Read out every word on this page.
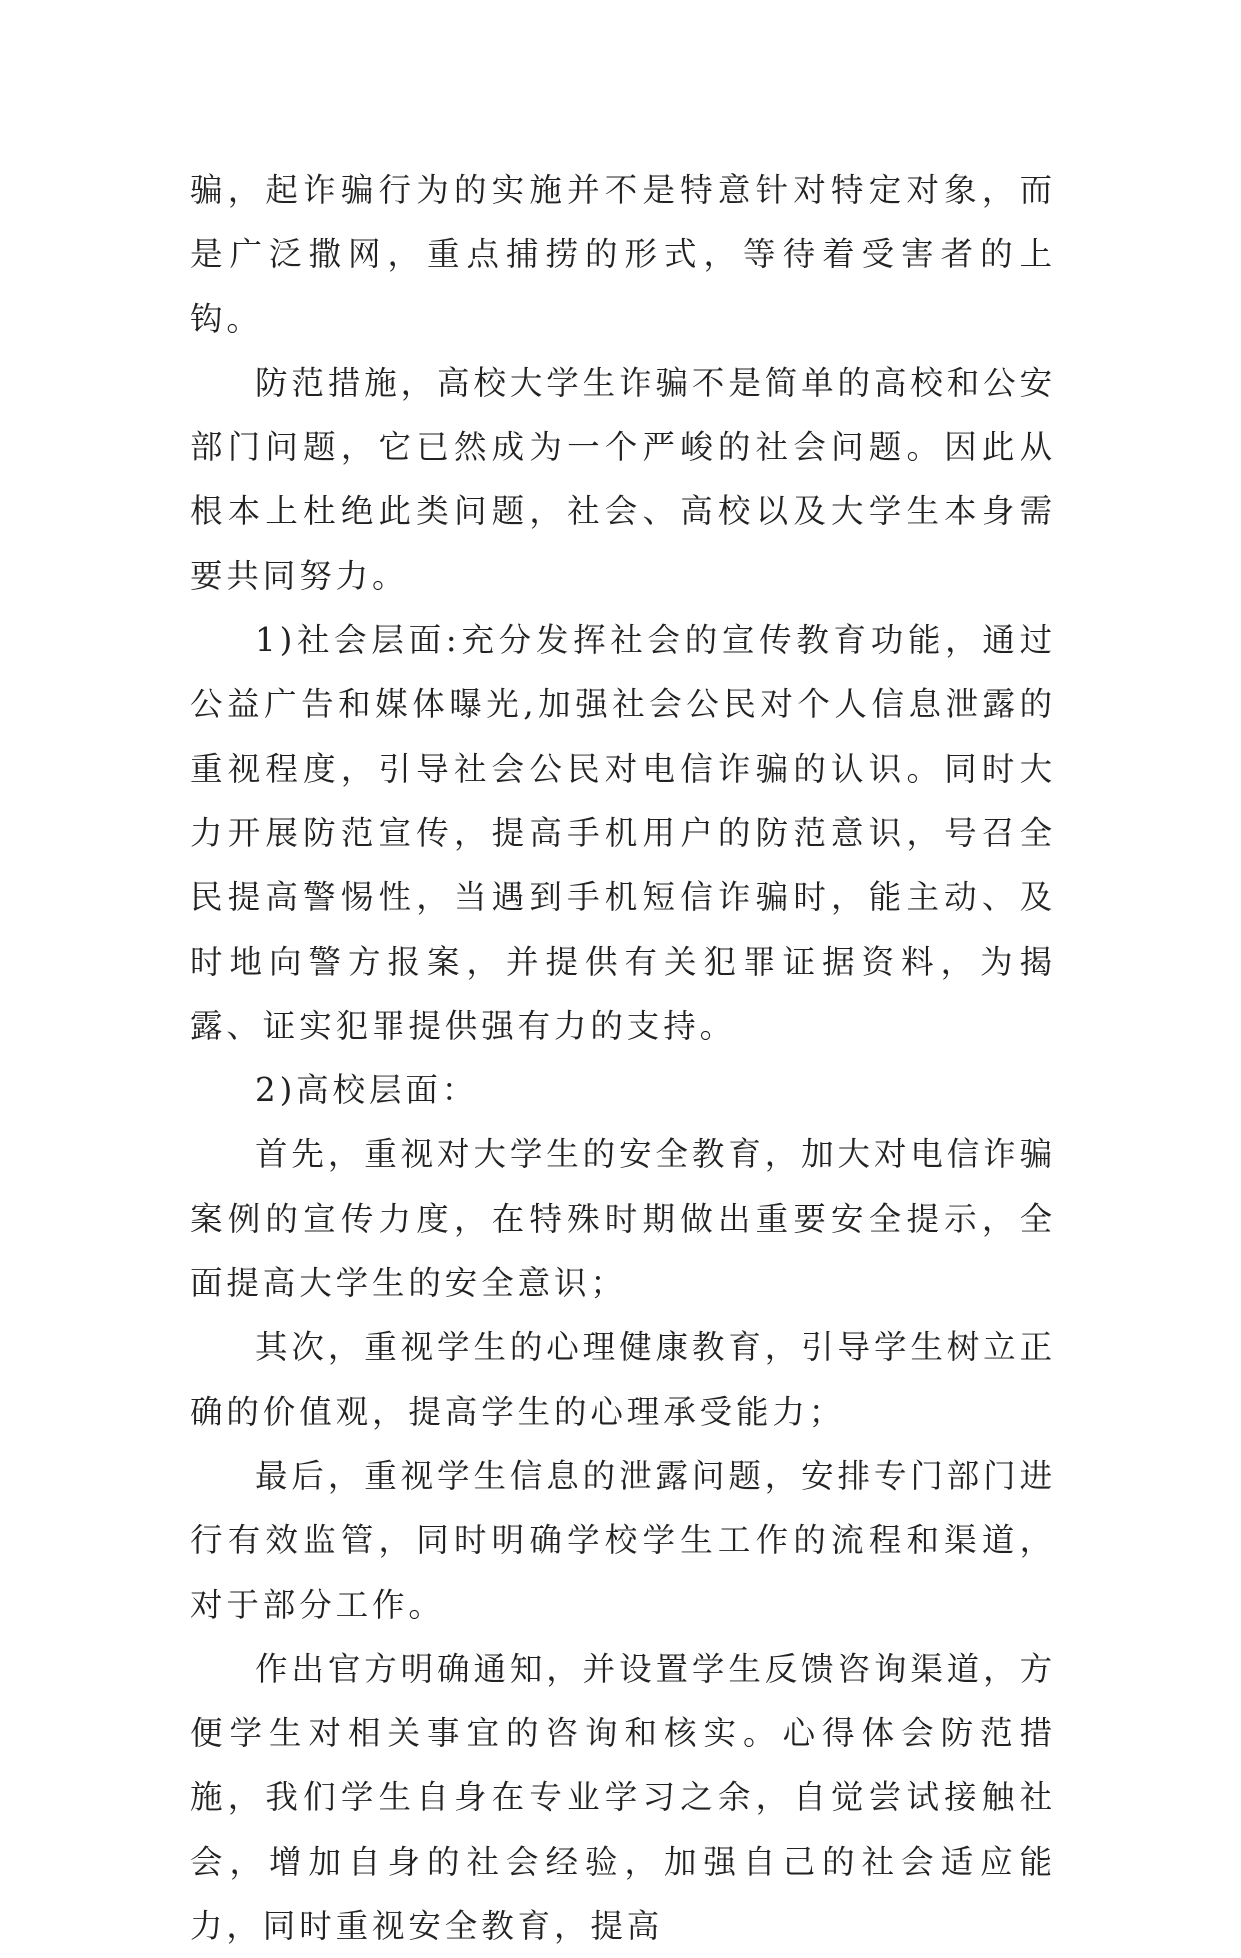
骗，起诈骗行为的实施并不是特意针对特定对象，而是广泛撒网，重点捕捞的形式，等待着受害者的上钩。

防范措施，高校大学生诈骗不是简单的高校和公安部门问题，它已然成为一个严峻的社会问题。因此从根本上杜绝此类问题，社会、高校以及大学生本身需要共同努力。

1)社会层面:充分发挥社会的宣传教育功能，通过公益广告和媒体曝光,加强社会公民对个人信息泄露的重视程度，引导社会公民对电信诈骗的认识。同时大力开展防范宣传，提高手机用户的防范意识，号召全民提高警惕性，当遇到手机短信诈骗时，能主动、及时地向警方报案，并提供有关犯罪证据资料，为揭露、证实犯罪提供强有力的支持。

2)高校层面：

首先，重视对大学生的安全教育，加大对电信诈骗案例的宣传力度，在特殊时期做出重要安全提示，全面提高大学生的安全意识；

其次，重视学生的心理健康教育，引导学生树立正确的价值观，提高学生的心理承受能力；

最后，重视学生信息的泄露问题，安排专门部门进行有效监管，同时明确学校学生工作的流程和渠道，对于部分工作。

作出官方明确通知，并设置学生反馈咨询渠道，方便学生对相关事宜的咨询和核实。心得体会防范措施，我们学生自身在专业学习之余，自觉尝试接触社会，增加自身的社会经验，加强自己的社会适应能力，同时重视安全教育，提高
